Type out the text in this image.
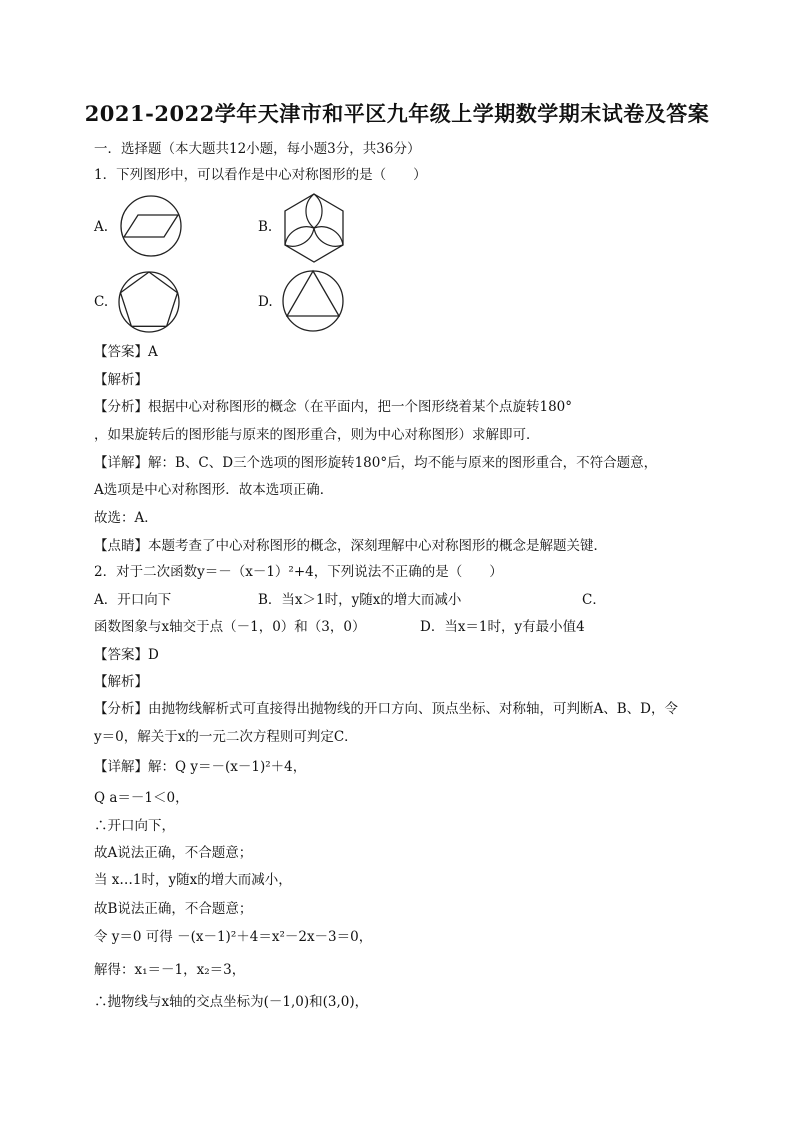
2021-2022学年天津市和平区九年级上学期数学期末试卷及答案
一．选择题（本大题共12小题，每小题3分，共36分）
1．下列图形中，可以看作是中心对称图形的是（　　）
A.	B.
C.	D.
【答案】A
【解析】
【分析】根据中心对称图形的概念（在平面内，把一个图形绕着某个点旋转180°
，如果旋转后的图形能与原来的图形重合，则为中心对称图形）求解即可．
【详解】解：B、C、D三个选项的图形旋转180°后，均不能与原来的图形重合，不符合题意，
A选项是中心对称图形．故本选项正确．
故选：A．
【点睛】本题考查了中心对称图形的概念，深刻理解中心对称图形的概念是解题关键．
2．对于二次函数y＝－（x－1）²+4，下列说法不正确的是（　　）
A．开口向下	B．当x＞1时，y随x的增大而减小	C．
函数图象与x轴交于点（－1，0）和（3，0）	D．当x＝1时，y有最小值4
【答案】D
【解析】
【分析】由抛物线解析式可直接得出抛物线的开口方向、顶点坐标、对称轴，可判断A、B、D，令
y＝0，解关于x的一元二次方程则可判定C．
【详解】解：Q y＝－(x－1)²＋4，
Q a＝－1＜0，
∴开口向下，
故A说法正确，不合题意；
当 x…1时，y随x的增大而减小，
故B说法正确，不合题意；
令 y＝0 可得 －(x－1)²＋4＝x²－2x－3＝0，
解得：x₁＝－1，x₂＝3，
∴抛物线与x轴的交点坐标为(－1,0)和(3,0)，
